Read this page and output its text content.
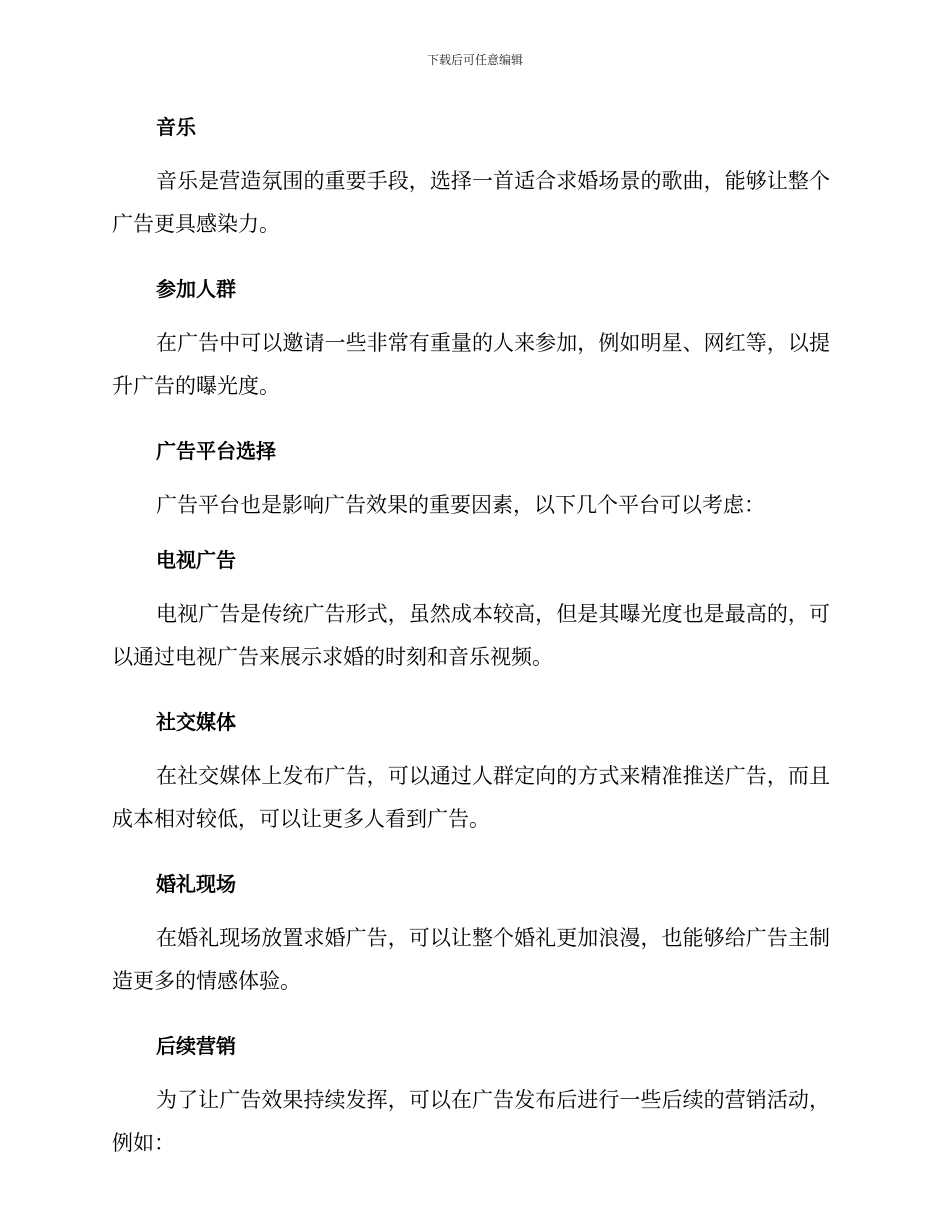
下载后可任意编辑
音乐

音乐是营造氛围的重要手段，选择一首适合求婚场景的歌曲，能够让整个广告更具感染力。

参加人群

在广告中可以邀请一些非常有重量的人来参加，例如明星、网红等，以提升广告的曝光度。

广告平台选择

广告平台也是影响广告效果的重要因素，以下几个平台可以考虑：

电视广告

电视广告是传统广告形式，虽然成本较高，但是其曝光度也是最高的，可以通过电视广告来展示求婚的时刻和音乐视频。

社交媒体

在社交媒体上发布广告，可以通过人群定向的方式来精准推送广告，而且成本相对较低，可以让更多人看到广告。

婚礼现场

在婚礼现场放置求婚广告，可以让整个婚礼更加浪漫，也能够给广告主制造更多的情感体验。

后续营销

为了让广告效果持续发挥，可以在广告发布后进行一些后续的营销活动，例如：
